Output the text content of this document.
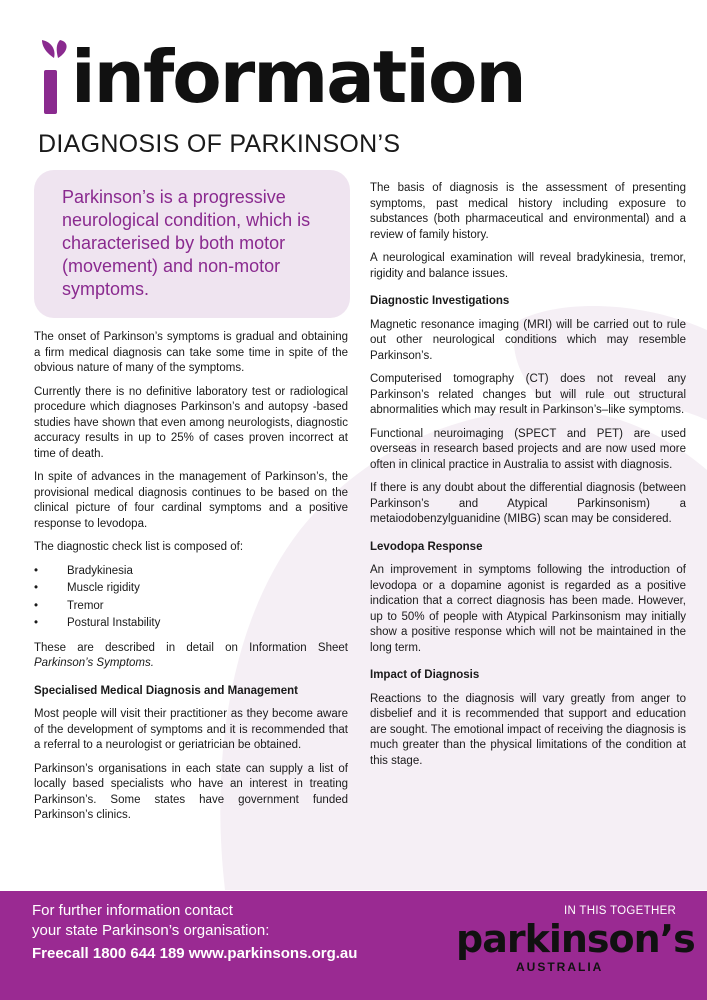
information
DIAGNOSIS OF PARKINSON’S

Parkinson’s is a progressive neurological condition, which is characterised by both motor (movement) and non-motor symptoms.

The onset of Parkinson’s symptoms is gradual and obtaining a firm medical diagnosis can take some time in spite of the obvious nature of many of the symptoms.

Currently there is no definitive laboratory test or radiological procedure which diagnoses Parkinson’s and autopsy -based studies have shown that even among neurologists, diagnostic accuracy results in up to 25% of cases proven incorrect at time of death.

In spite of advances in the management of Parkinson’s, the provisional medical diagnosis continues to be based on the clinical picture of four cardinal symptoms and a positive response to levodopa.

The diagnostic check list is composed of:

• Bradykinesia
• Muscle rigidity
• Tremor
• Postural Instability

These are described in detail on Information Sheet Parkinson’s Symptoms.

Specialised Medical Diagnosis and Management

Most people will visit their practitioner as they become aware of the development of symptoms and it is recommended that a referral to a neurologist or geriatrician be obtained.

Parkinson’s organisations in each state can supply a list of locally based specialists who have an interest in treating Parkinson’s. Some states have government funded Parkinson’s clinics.

The basis of diagnosis is the assessment of presenting symptoms, past medical history including exposure to substances (both pharmaceutical and environmental) and a review of family history.

A neurological examination will reveal bradykinesia, tremor, rigidity and balance issues.

Diagnostic Investigations

Magnetic resonance imaging (MRI) will be carried out to rule out other neurological conditions which may resemble Parkinson’s.

Computerised tomography (CT) does not reveal any Parkinson’s related changes but will rule out structural abnormalities which may result in Parkinson’s–like symptoms.

Functional neuroimaging (SPECT and PET) are used overseas in research based projects and are now used more often in clinical practice in Australia to assist with diagnosis.

If there is any doubt about the differential diagnosis (between Parkinson’s and Atypical Parkinsonism) a metaiodobenzylguanidine (MIBG) scan may be considered.

Levodopa Response

An improvement in symptoms following the introduction of levodopa or a dopamine agonist is regarded as a positive indication that a correct diagnosis has been made. However, up to 50% of people with Atypical Parkinsonism may initially show a positive response which will not be maintained in the long term.

Impact of Diagnosis

Reactions to the diagnosis will vary greatly from anger to disbelief and it is recommended that support and education are sought. The emotional impact of receiving the diagnosis is much greater than the physical limitations of the condition at this stage.

For further information contact
your state Parkinson’s organisation:
Freecall 1800 644 189 www.parkinsons.org.au
IN THIS TOGETHER
parkinson’s
AUSTRALIA
